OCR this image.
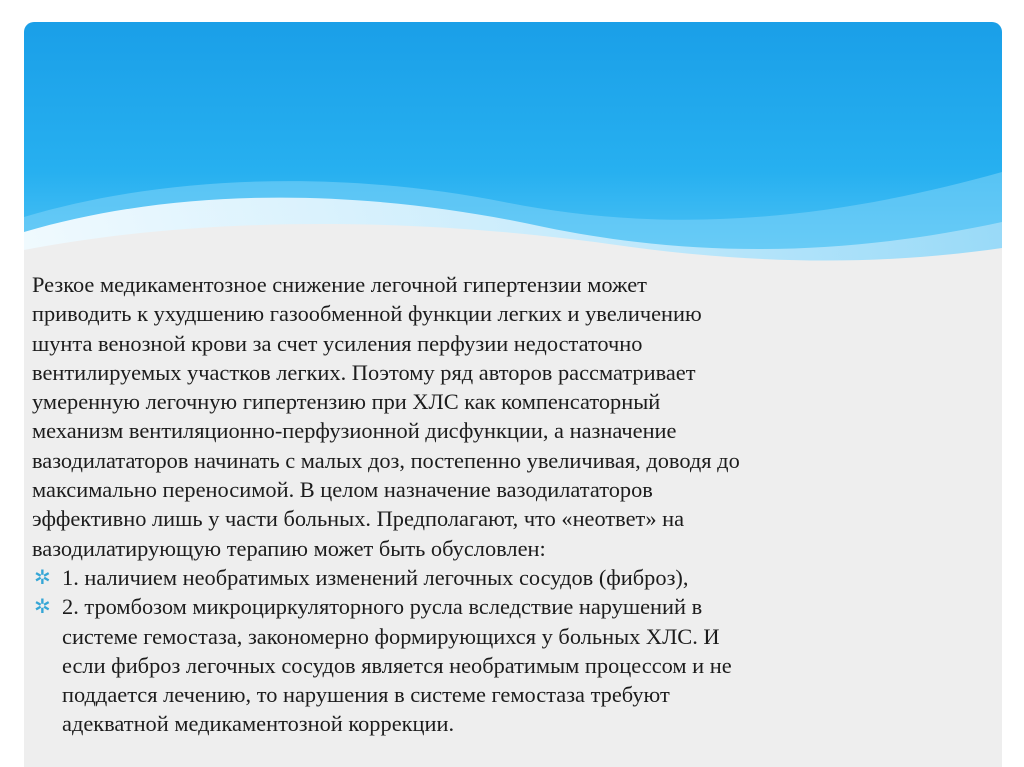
Резкое медикаментозное снижение легочной гипертензии может
приводить к ухудшению газообменной функции легких и увеличению
шунта венозной крови за счет усиления перфузии недостаточно
вентилируемых участков легких. Поэтому ряд авторов рассматривает
умеренную легочную гипертензию при ХЛС как компенсаторный
механизм вентиляционно-перфузионной дисфункции, а назначение
вазодилататоров начинать с малых доз, постепенно увеличивая, доводя до
максимально переносимой. В целом назначение вазодилататоров
эффективно лишь у части больных. Предполагают, что «неответ» на
вазодилатирующую терапию может быть обусловлен:

✲ 1. наличием необратимых изменений легочных сосудов (фиброз),

✲ 2. тромбозом микроциркуляторного русла вследствие нарушений в
системе гемостаза, закономерно формирующихся у больных ХЛС. И
если фиброз легочных сосудов является необратимым процессом и не
поддается лечению, то нарушения в системе гемостаза требуют
адекватной медикаментозной коррекции.
